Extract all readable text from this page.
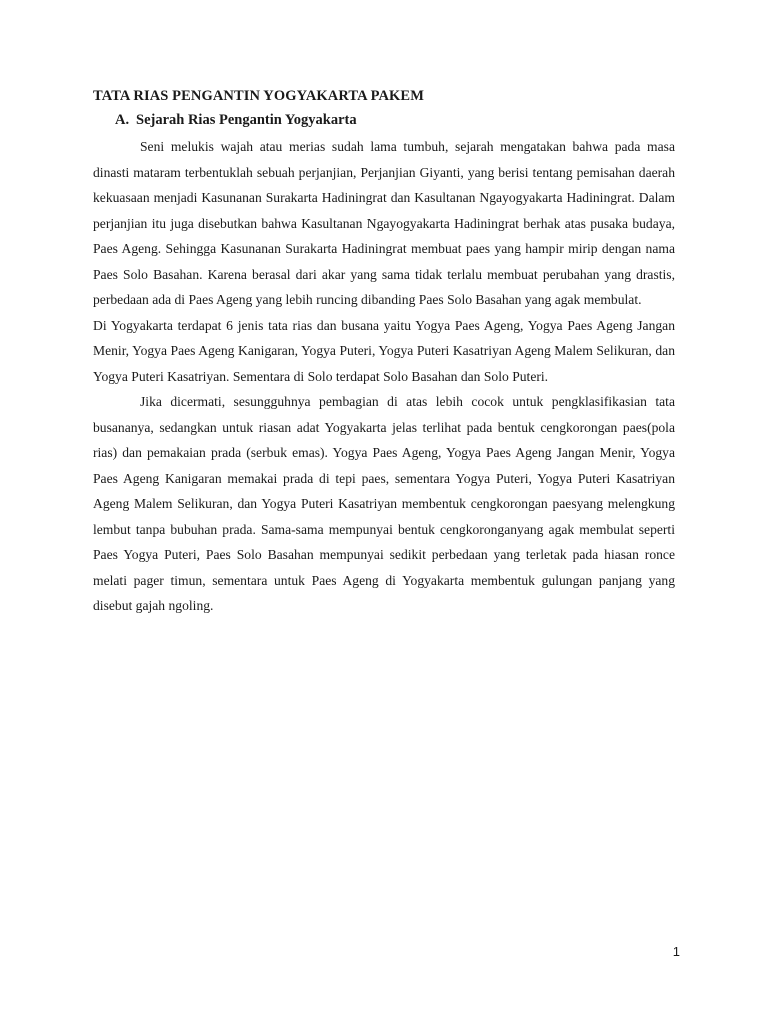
TATA RIAS PENGANTIN YOGYAKARTA PAKEM
A. Sejarah Rias Pengantin Yogyakarta

Seni melukis wajah atau merias sudah lama tumbuh, sejarah mengatakan bahwa pada masa dinasti mataram terbentuklah sebuah perjanjian, Perjanjian Giyanti, yang berisi tentang pemisahan daerah kekuasaan menjadi Kasunanan Surakarta Hadiningrat dan Kasultanan Ngayogyakarta Hadiningrat. Dalam perjanjian itu juga disebutkan bahwa Kasultanan Ngayogyakarta Hadiningrat berhak atas pusaka budaya, Paes Ageng. Sehingga Kasunanan Surakarta Hadiningrat membuat paes yang hampir mirip dengan nama Paes Solo Basahan. Karena berasal dari akar yang sama tidak terlalu membuat perubahan yang drastis, perbedaan ada di Paes Ageng yang lebih runcing dibanding Paes Solo Basahan yang agak membulat.

Di Yogyakarta terdapat 6 jenis tata rias dan busana yaitu Yogya Paes Ageng, Yogya Paes Ageng Jangan Menir, Yogya Paes Ageng Kanigaran, Yogya Puteri, Yogya Puteri Kasatriyan Ageng Malem Selikuran, dan Yogya Puteri Kasatriyan. Sementara di Solo terdapat Solo Basahan dan Solo Puteri.

Jika dicermati, sesungguhnya pembagian di atas lebih cocok untuk pengklasifikasian tata busananya, sedangkan untuk riasan adat Yogyakarta jelas terlihat pada bentuk cengkorongan paes(pola rias) dan pemakaian prada (serbuk emas). Yogya Paes Ageng, Yogya Paes Ageng Jangan Menir, Yogya Paes Ageng Kanigaran memakai prada di tepi paes, sementara Yogya Puteri, Yogya Puteri Kasatriyan Ageng Malem Selikuran, dan Yogya Puteri Kasatriyan membentuk cengkorongan paesyang melengkung lembut tanpa bubuhan prada. Sama-sama mempunyai bentuk cengkoronganyang agak membulat seperti Paes Yogya Puteri, Paes Solo Basahan mempunyai sedikit perbedaan yang terletak pada hiasan ronce melati pager timun, sementara untuk Paes Ageng di Yogyakarta membentuk gulungan panjang yang disebut gajah ngoling.

1
